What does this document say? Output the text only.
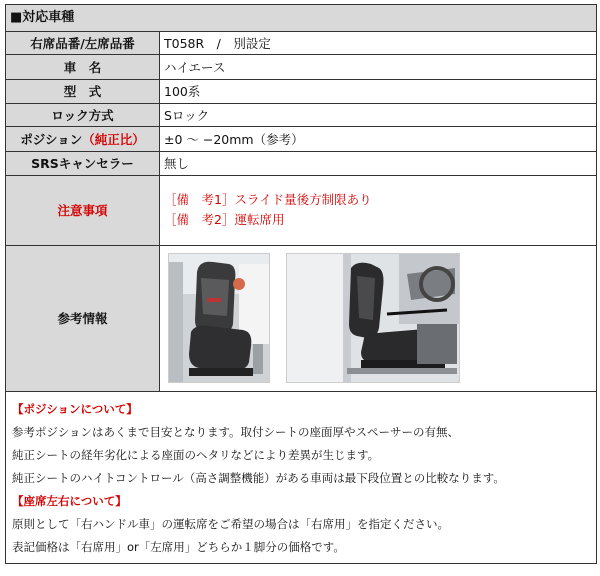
■対応車種
右席品番/左席品番	T058R　/　別設定
車　名	ハイエース
型　式	100系
ロック方式	Sロック
ポジション（純正比）	±0 〜 −20mm（参考）
SRSキャンセラー	無し
注意事項	［備　考1］スライド量後方制限あり
［備　考2］運転席用

参考情報	
【ポジションについて】
参考ポジションはあくまで目安となります。取付シートの座面厚やスペーサーの有無、
純正シートの経年劣化による座面のヘタリなどにより差異が生じます。
純正シートのハイトコントロール（高さ調整機能）がある車両は最下段位置との比較なります。
【座席左右について】
原則として「右ハンドル車」の運転席をご希望の場合は「右席用」を指定ください。
表記価格は「右席用」or「左席用」どちらか１脚分の価格です。
